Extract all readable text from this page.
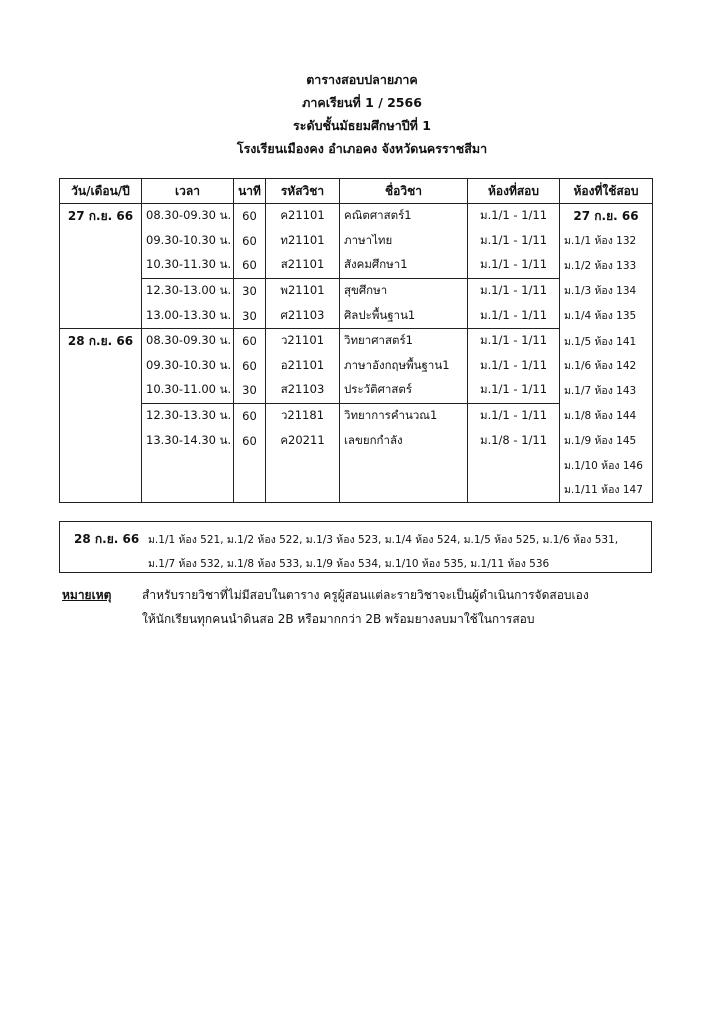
ตารางสอบปลายภาค
ภาคเรียนที่ 1 / 2566
ระดับชั้นมัธยมศึกษาปีที่ 1
โรงเรียนเมืองคง อำเภอคง จังหวัดนครราชสีมา
วัน/เดือน/ปี	เวลา	นาที	รหัสวิชา	ชื่อวิชา	ห้องที่สอบ	ห้องที่ใช้สอบ
27 ก.ย. 66	08.30-09.30 น.	60	ค21101	คณิตศาสตร์1	ม.1/1 - 1/11	27 ก.ย. 66
	09.30-10.30 น.	60	ท21101	ภาษาไทย	ม.1/1 - 1/11	ม.1/1 ห้อง 132
	10.30-11.30 น.	60	ส21101	สังคมศึกษา1	ม.1/1 - 1/11	ม.1/2 ห้อง 133
	12.30-13.00 น.	30	พ21101	สุขศึกษา	ม.1/1 - 1/11	ม.1/3 ห้อง 134
	13.00-13.30 น.	30	ศ21103	ศิลปะพื้นฐาน1	ม.1/1 - 1/11	ม.1/4 ห้อง 135
28 ก.ย. 66	08.30-09.30 น.	60	ว21101	วิทยาศาสตร์1	ม.1/1 - 1/11	ม.1/5 ห้อง 141
	09.30-10.30 น.	60	อ21101	ภาษาอังกฤษพื้นฐาน1	ม.1/1 - 1/11	ม.1/6 ห้อง 142
	10.30-11.00 น.	30	ส21103	ประวัติศาสตร์	ม.1/1 - 1/11	ม.1/7 ห้อง 143
	12.30-13.30 น.	60	ว21181	วิทยาการคำนวณ1	ม.1/1 - 1/11	ม.1/8 ห้อง 144
	13.30-14.30 น.	60	ค20211	เลขยกกำลัง	ม.1/8 - 1/11	ม.1/9 ห้อง 145
						ม.1/10 ห้อง 146
						ม.1/11 ห้อง 147
28 ก.ย. 66 ม.1/1 ห้อง 521, ม.1/2 ห้อง 522, ม.1/3 ห้อง 523, ม.1/4 ห้อง 524, ม.1/5 ห้อง 525, ม.1/6 ห้อง 531,
ม.1/7 ห้อง 532, ม.1/8 ห้อง 533, ม.1/9 ห้อง 534, ม.1/10 ห้อง 535, ม.1/11 ห้อง 536
หมายเหตุ	สำหรับรายวิชาที่ไม่มีสอบในตาราง ครูผู้สอนแต่ละรายวิชาจะเป็นผู้ดำเนินการจัดสอบเอง
ให้นักเรียนทุกคนนำดินสอ 2B หรือมากกว่า 2B พร้อมยางลบมาใช้ในการสอบ
